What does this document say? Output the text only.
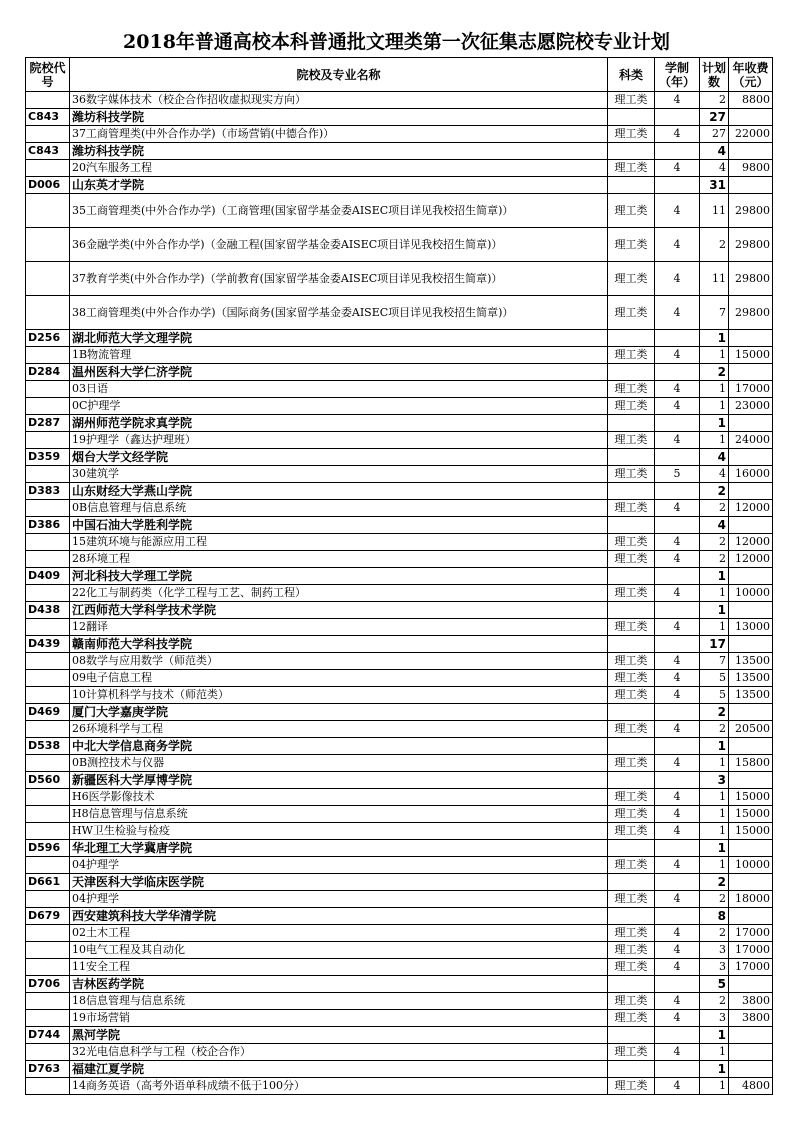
2018年普通高校本科普通批文理类第一次征集志愿院校专业计划
院校代号	院校及专业名称	科类	学制（年）	计划数	年收费（元）
	36数字媒体技术（校企合作招收虚拟现实方向）	理工类	4	2	8800
C843	潍坊科技学院			27	
	37工商管理类(中外合作办学)（市场营销(中德合作)）	理工类	4	27	22000
C843	潍坊科技学院			4	
	20汽车服务工程	理工类	4	4	9800
D006	山东英才学院			31	
	35工商管理类(中外合作办学)（工商管理(国家留学基金委AISEC项目详见我校招生简章)）	理工类	4	11	29800
	36金融学类(中外合作办学)（金融工程(国家留学基金委AISEC项目详见我校招生简章)）	理工类	4	2	29800
	37教育学类(中外合作办学)（学前教育(国家留学基金委AISEC项目详见我校招生简章)）	理工类	4	11	29800
	38工商管理类(中外合作办学)（国际商务(国家留学基金委AISEC项目详见我校招生简章)）	理工类	4	7	29800
D256	湖北师范大学文理学院			1	
	1B物流管理	理工类	4	1	15000
D284	温州医科大学仁济学院			2	
	03日语	理工类	4	1	17000
	0C护理学	理工类	4	1	23000
D287	湖州师范学院求真学院			1	
	19护理学（鑫达护理班）	理工类	4	1	24000
D359	烟台大学文经学院			4	
	30建筑学	理工类	5	4	16000
D383	山东财经大学燕山学院			2	
	0B信息管理与信息系统	理工类	4	2	12000
D386	中国石油大学胜利学院			4	
	15建筑环境与能源应用工程	理工类	4	2	12000
	28环境工程	理工类	4	2	12000
D409	河北科技大学理工学院			1	
	22化工与制药类（化学工程与工艺、制药工程）	理工类	4	1	10000
D438	江西师范大学科学技术学院			1	
	12翻译	理工类	4	1	13000
D439	赣南师范大学科技学院			17	
	08数学与应用数学（师范类）	理工类	4	7	13500
	09电子信息工程	理工类	4	5	13500
	10计算机科学与技术（师范类）	理工类	4	5	13500
D469	厦门大学嘉庚学院			2	
	26环境科学与工程	理工类	4	2	20500
D538	中北大学信息商务学院			1	
	0B测控技术与仪器	理工类	4	1	15800
D560	新疆医科大学厚博学院			3	
	H6医学影像技术	理工类	4	1	15000
	H8信息管理与信息系统	理工类	4	1	15000
	HW卫生检验与检疫	理工类	4	1	15000
D596	华北理工大学冀唐学院			1	
	04护理学	理工类	4	1	10000
D661	天津医科大学临床医学院			2	
	04护理学	理工类	4	2	18000
D679	西安建筑科技大学华清学院			8	
	02土木工程	理工类	4	2	17000
	10电气工程及其自动化	理工类	4	3	17000
	11安全工程	理工类	4	3	17000
D706	吉林医药学院			5	
	18信息管理与信息系统	理工类	4	2	3800
	19市场营销	理工类	4	3	3800
D744	黑河学院			1	
	32光电信息科学与工程（校企合作）	理工类	4	1	
D763	福建江夏学院			1	
	14商务英语（高考外语单科成绩不低于100分）	理工类	4	1	4800
